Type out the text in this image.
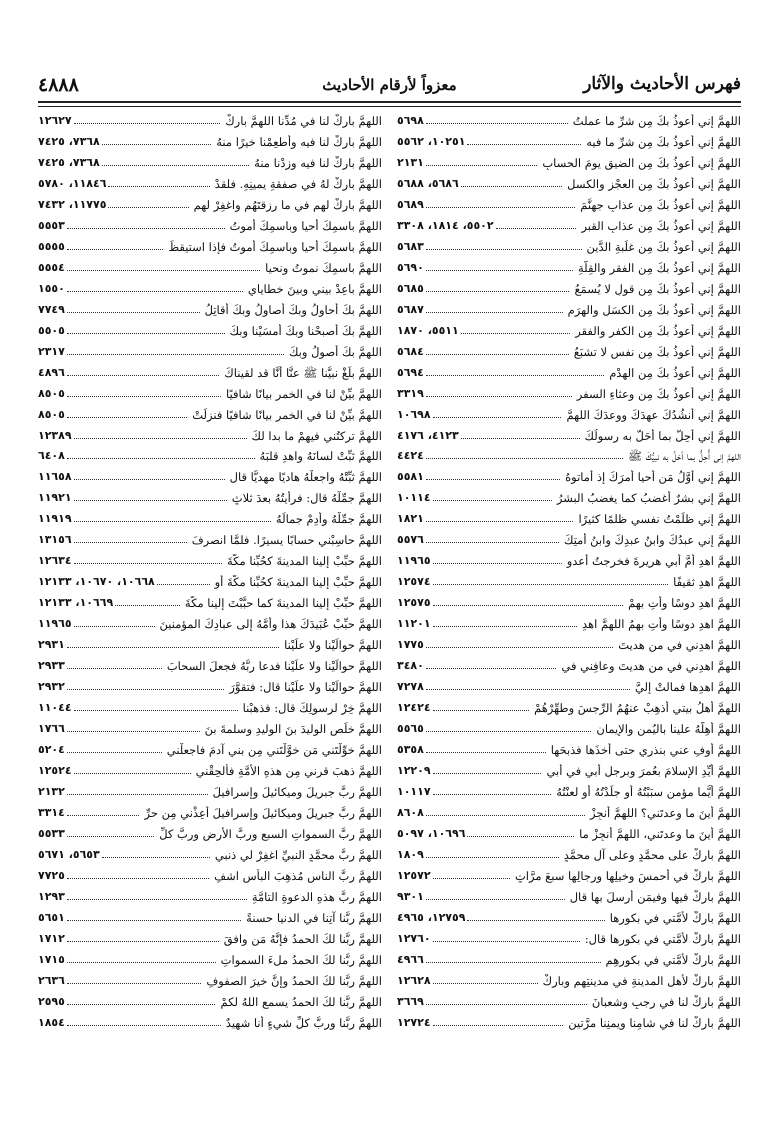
فهرس الأحاديث والآثار
معزواً لأرقام الأحاديث
٤٨٨٨
اللهمَّ إني أعوذُ بكَ مِن شرِّ ما عملتُ
٥٦٩٨
اللهمَّ إني أعوذُ بكَ مِن شرِّ ما فيه
١٠٢٥١، ٥٥٦٢
اللهمَّ إني أعوذُ بكَ مِن الضيقِ يومَ الحسابِ
٢١٣١
اللهمَّ إني أعوذُ بكَ مِن العجْزِ والكسلِ
٥٦٨٦، ٥٦٨٨
اللهمَّ إني أعوذُ بكَ مِن عذابِ جهنَّمَ
٥٦٨٩
اللهمَّ إني أعوذُ بكَ مِن عذابِ القبرِ
٥٥٠٢، ١٨١٤، ٣٣٠٨
اللهمَّ إني أعوذُ بكَ مِن غلَبةِ الدَّينِ
٥٦٨٣
اللهمَّ إني أعوذُ بكَ مِن الفقرِ والقِلَّةِ
٥٦٩٠
اللهمَّ إني أعوذُ بكَ مِن قولٍ لا يُسمَعُ
٥٦٨٥
اللهمَّ إني أعوذُ بكَ مِن الكسَلِ والهرَمِ
٥٦٨٧
اللهمَّ إني أعوذُ بكَ مِن الكفرِ والفقرِ
٥٥١١، ١٨٧٠
اللهمَّ إني أعوذُ بكَ مِن نفسٍ لا تشبَعُ
٥٦٨٤
اللهمَّ إني أعوذُ بكَ مِن الهدْمِ
٥٦٩٤
اللهمَّ إني أعوذُ بكَ مِن وعثاءِ السفرِ
٣٣١٩
اللهمَّ إني أنشُدُكَ عهدَكَ ووعدَكَ اللهمَّ
١٠٦٩٨
اللهمَّ إني أُحِلُّ بما أحَلَّ به رسولُكَ
٤١٢٣، ٤١٧٦
اللهمَّ إني أُحِلُّ بما أحَلَّ به نبيُّكَ ﷺ
٤٤٢٤
اللهمَّ إني أوَّلُ مَن أحيا أمرَكَ إذ أماتوهُ
٥٥٨١
اللهمَّ إني بشرٌ أغضبُ كما يغضبُ البشرُ
١٠١١٤
اللهمَّ إني ظلَمْتُ نفسي ظلمًا كثيرًا
١٨٢١
اللهمَّ إني عبدُكَ وابنُ عبدِكَ وابنُ أمتِكَ
٥٥٧٦
اللهمَّ اهدِ أمَّ أبي هريرةَ فخرجتُ أعدو
١١٩٦٥
اللهمَّ اهدِ ثقيفًا
١٢٥٧٤
اللهمَّ اهدِ دوسًا وأتِ بهِمْ
١٢٥٧٥
اللهمَّ اهدِ دوسًا وأتِ بهِمُ اللهمَّ اهدِ
١١٢٠١
اللهمَّ اهدِني في من هديتَ
١٧٧٥
اللهمَّ اهدِني في من هديتَ وعافِني في
٣٤٨٠
اللهمَّ اهدِها فمالتْ إليَّ
٧٢٧٨
اللهمَّ أهلُ بيتي أذهِبْ عنهُمُ الرِّجسَ وطهِّرْهُمْ
١٢٤٢٤
اللهمَّ أهِلَّهُ علينا باليُمنِ والإيمانِ
٥٥٦٥
اللهمَّ أوفِ عني بنذري حتى أخذَها فذبحَها
٥٣٥٨
اللهمَّ أيِّدِ الإسلامَ بعُمرَ وبرجلِ أبي في أبي
١٢٢٠٩
اللهمَّ أيُّما مؤمنٍ سبَبْتُهُ أو جلَدْتُهُ أو لعنْتُهُ
١٠١١٧
اللهمَّ أينَ ما وعدتَني؟ اللهمَّ أنجِزْ
٨٦٠٨
اللهمَّ أينَ ما وعدتَني، اللهمَّ أنجِزْ ما
١٠٦٩٦، ٥٠٩٧
اللهمَّ بارِكْ على محمَّدٍ وعلى آلِ محمَّدٍ
١٨٠٩
اللهمَّ بارِكْ في أحمسَ وخيلِها ورجالِها سبعَ مرَّاتٍ
١٢٥٧٢
اللهمَّ بارِكْ فيها وفيمَن أرسلَ بها قال
٩٣٠١
اللهمَّ بارِكْ لأمَّتي في بكورِها
١٢٧٥٩، ٤٩٦٥
اللهمَّ بارِكْ لأمَّتي في بكورِها قال:
١٢٧٦٠
اللهمَّ بارِكْ لأمَّتي في بكورِهِم
٤٩٦٦
اللهمَّ بارِكْ لأهلِ المدينةِ في مدينتِهِم وبارِكْ
١٢٦٢٨
اللهمَّ بارِكْ لنا في رجبٍ وشعبانَ
٣٦٦٩
اللهمَّ بارِكْ لنا في شامِنا ويمنِنا مرَّتينِ
١٢٧٢٤
اللهمَّ بارِكْ لنا في مُدِّنا اللهمَّ بارِكْ
١٢٦٢٧
اللهمَّ بارِكْ لنا فيه وأطعِمْنا خيرًا منهُ
٧٣٦٨، ٧٤٢٥
اللهمَّ بارِكْ لنا فيه وزِدْنا منهُ
٧٣٦٨، ٧٤٢٥
اللهمَّ بارِكْ لهُ في صفقةِ يمينِهِ. فلقدْ
١١٨٤٦، ٥٧٨٠
اللهمَّ بارِكْ لهم في ما رزقتَهُم واغفِرْ لهم
١١٧٧٥، ٧٤٣٢
اللهمَّ باسمِكَ أحيا وباسمِكَ أموتُ
٥٥٥٣
اللهمَّ باسمِكَ أحيا وباسمِكَ أموتُ فإذا استيقظَ
٥٥٥٥
اللهمَّ باسمِكَ نموتُ ونحيا
٥٥٥٤
اللهمَّ باعِدْ بيني وبينَ خطاياي
١٥٥٠
اللهمَّ بكَ أحاوِلُ وبكَ أصاوِلُ وبكَ أقاتِلُ
٧٧٤٩
اللهمَّ بكَ أصبحْنا وبكَ أمسَيْنا وبكَ
٥٥٠٥
اللهمَّ بكَ أصولُ وبكَ
٢٣١٧
اللهمَّ بلِّغْ نبيَّنا ﷺ عنَّا أنَّا قد لقيناكَ
٤٨٩٦
اللهمَّ بيِّنْ لنا في الخمرِ بيانًا شافيًا
٨٥٠٥
اللهمَّ بيِّنْ لنا في الخمرِ بيانًا شافيًا فنزلَتْ
٨٥٠٥
اللهمَّ تركتُني فيهِمْ ما بدا لكَ
١٢٣٨٩
اللهمَّ ثبِّتْ لسانَهُ واهدِ قلبَهُ
٦٤٠٨
اللهمَّ ثبِّتْهُ واجعلْهُ هاديًا مهديًّا قال
١١٦٥٨
اللهمَّ جمِّلْهُ قال: فرأيتُهُ بعدَ ثلاثٍ
١١٩٢١
اللهمَّ جمِّلْهُ وأدِمْ جمالَهُ
١١٩١٩
اللهمَّ حاسِبْني حسابًا يسيرًا. فلمَّا انصرفَ
١٣١٥٦
اللهمَّ حبِّبْ إلينا المدينةَ كحُبِّنا مكَّةَ
١٢٦٣٤
اللهمَّ حبِّبْ إلينا المدينةَ كحُبِّنا مكَّةَ أو
١٠٦٦٨، ١٠٦٧٠، ١٢١٣٣
اللهمَّ حبِّبْ إلينا المدينةَ كما حبَّبْتَ إلينا مكَّةَ
١٠٦٦٩، ١٢١٣٣
اللهمَّ حبِّبْ عُبَيدَكَ هذا وأمَّهُ إلى عبادِكَ المؤمنينَ
١١٩٦٥
اللهمَّ حوالَيْنا ولا علَيْنا
٢٩٣١
اللهمَّ حوالَيْنا ولا علَيْنا فدعا ربَّهُ فجعلَ السحابَ
٢٩٣٣
اللهمَّ حوالَيْنا ولا علَيْنا قال: فتقوَّرَ
٢٩٣٢
اللهمَّ خِرْ لرسولِكَ قال: فذهبْنا
١١٠٤٤
اللهمَّ خلِّصِ الوليدَ بنَ الوليدِ وسلمةَ بنَ
١٧٦٦
اللهمَّ خوِّلْتَني مَن خوَّلْتَني مِن بني آدمَ فاجعلْني
٥٢٠٤
اللهمَّ ذهبَ قرني مِن هذهِ الأمَّةِ فألحِقْني
١٢٥٢٤
اللهمَّ ربَّ جبريلَ وميكائيلَ وإسرافيلَ
٢١٣٢
اللهمَّ ربَّ جبريلَ وميكائيلَ وإسرافيلَ أعِذْني مِن حرِّ
٣٣١٤
اللهمَّ ربَّ السمواتِ السبعِ وربَّ الأرضِ وربَّ كلِّ
٥٥٣٣
اللهمَّ ربَّ محمَّدٍ النبيِّ اغفِرْ لي ذنبي
٥٦٥٣، ٥٦٧١
اللهمَّ ربَّ الناسِ مُذهِبَ البأسِ اشفِ
٧٧٢٥
اللهمَّ ربَّ هذهِ الدعوةِ التامَّةِ
١٢٩٣
اللهمَّ ربَّنا آتِنا في الدنيا حسنةً
٥٦٥١
اللهمَّ ربَّنا لكَ الحمدُ فإنَّهُ مَن وافقَ
١٧١٢
اللهمَّ ربَّنا لكَ الحمدُ ملءَ السمواتِ
١٧١٥
اللهمَّ ربَّنا لكَ الحمدُ وإنَّ خيرَ الصفوفِ
٢٦٣٦
اللهمَّ ربَّنا لكَ الحمدُ يسمعِ اللهُ لكمْ
٢٥٩٥
اللهمَّ ربَّنا وربَّ كلِّ شيءٍ أنا شهيدٌ
١٨٥٤
